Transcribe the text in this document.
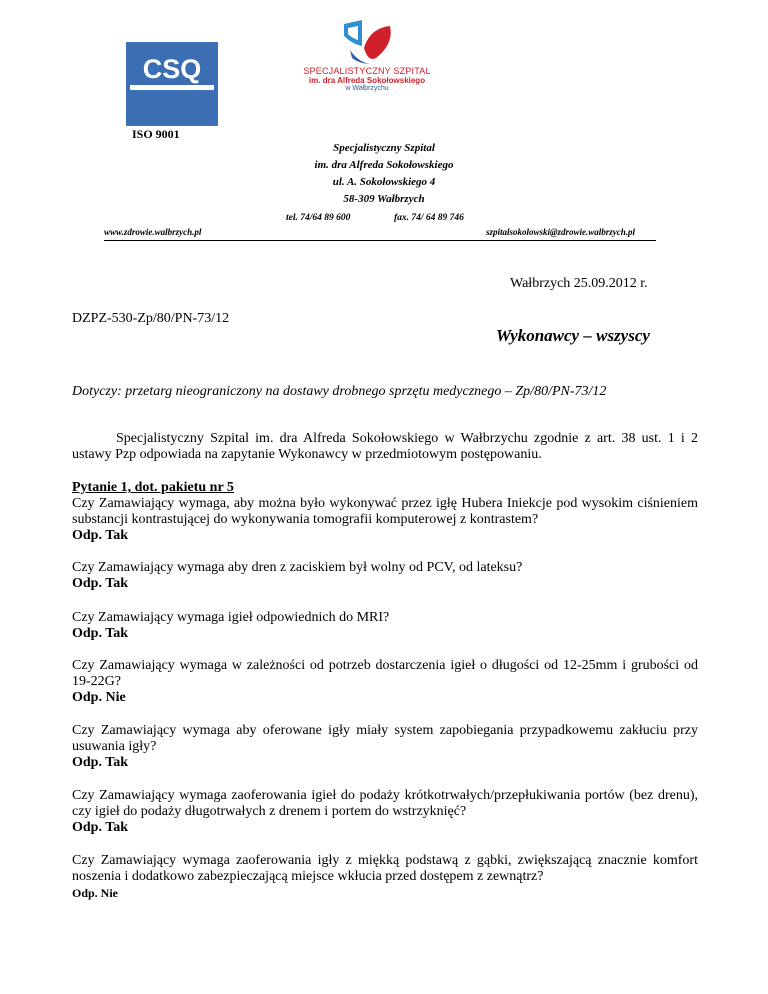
CSQ
ISO 9001
SPECJALISTYCZNY SZPITAL
im. dra Alfreda Sokołowskiego
w Wałbrzychu
Specjalistyczny Szpital
im. dra Alfreda Sokołowskiego
ul. A. Sokołowskiego 4
58-309 Wałbrzych
tel. 74/64 89 600	fax. 74/ 64 89 746
www.zdrowie.walbrzych.pl	szpitalsokolowski@zdrowie.walbrzych.pl
Wałbrzych 25.09.2012 r.
DZPZ-530-Zp/80/PN-73/12
Wykonawcy – wszyscy
Dotyczy: przetarg nieograniczony na dostawy drobnego sprzętu medycznego – Zp/80/PN-73/12
Specjalistyczny Szpital im. dra Alfreda Sokołowskiego w Wałbrzychu zgodnie z art. 38 ust. 1 i 2 ustawy Pzp odpowiada na zapytanie Wykonawcy w przedmiotowym postępowaniu.
Pytanie 1, dot. pakietu nr 5
Czy Zamawiający wymaga, aby można było wykonywać przez igłę Hubera Iniekcje pod wysokim ciśnieniem substancji kontrastującej do wykonywania tomografii komputerowej z kontrastem?
Odp. Tak
Czy Zamawiający wymaga aby dren z zaciskiem był wolny od PCV, od lateksu?
Odp. Tak
Czy Zamawiający wymaga igieł odpowiednich do MRI?
Odp. Tak
Czy Zamawiający wymaga w zależności od potrzeb dostarczenia igieł o długości od 12-25mm i grubości od 19-22G?
Odp. Nie
Czy Zamawiający wymaga aby oferowane igły miały system zapobiegania przypadkowemu zakłuciu przy usuwania igły?
Odp. Tak
Czy Zamawiający wymaga zaoferowania igieł do podaży krótkotrwałych/przepłukiwania portów (bez drenu), czy igieł do podaży długotrwałych z drenem i portem do wstrzyknięć?
Odp. Tak
Czy Zamawiający wymaga zaoferowania igły z miękką podstawą z gąbki, zwiększającą znacznie komfort noszenia i dodatkowo zabezpieczającą miejsce wkłucia przed dostępem z zewnątrz?
Odp. Nie
